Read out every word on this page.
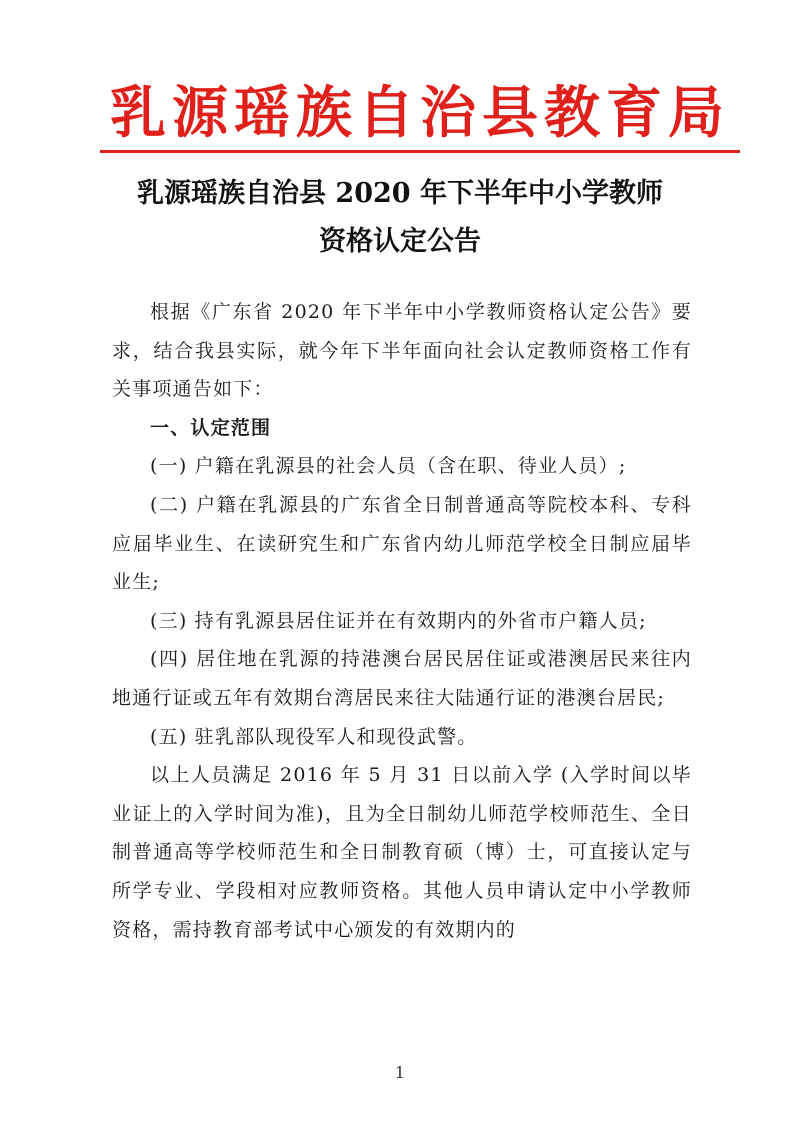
乳源瑶族自治县教育局
乳源瑶族自治县 2020 年下半年中小学教师
资格认定公告

根据《广东省 2020 年下半年中小学教师资格认定公告》要求，结合我县实际，就今年下半年面向社会认定教师资格工作有关事项通告如下：

一、认定范围

(一) 户籍在乳源县的社会人员（含在职、待业人员）;

(二) 户籍在乳源县的广东省全日制普通高等院校本科、专科应届毕业生、在读研究生和广东省内幼儿师范学校全日制应届毕业生;

(三) 持有乳源县居住证并在有效期内的外省市户籍人员;

(四) 居住地在乳源的持港澳台居民居住证或港澳居民来往内地通行证或五年有效期台湾居民来往大陆通行证的港澳台居民;

(五) 驻乳部队现役军人和现役武警。

以上人员满足 2016 年 5 月 31 日以前入学 (入学时间以毕业证上的入学时间为准)，且为全日制幼儿师范学校师范生、全日制普通高等学校师范生和全日制教育硕（博）士，可直接认定与所学专业、学段相对应教师资格。其他人员申请认定中小学教师资格，需持教育部考试中心颁发的有效期内的

1
